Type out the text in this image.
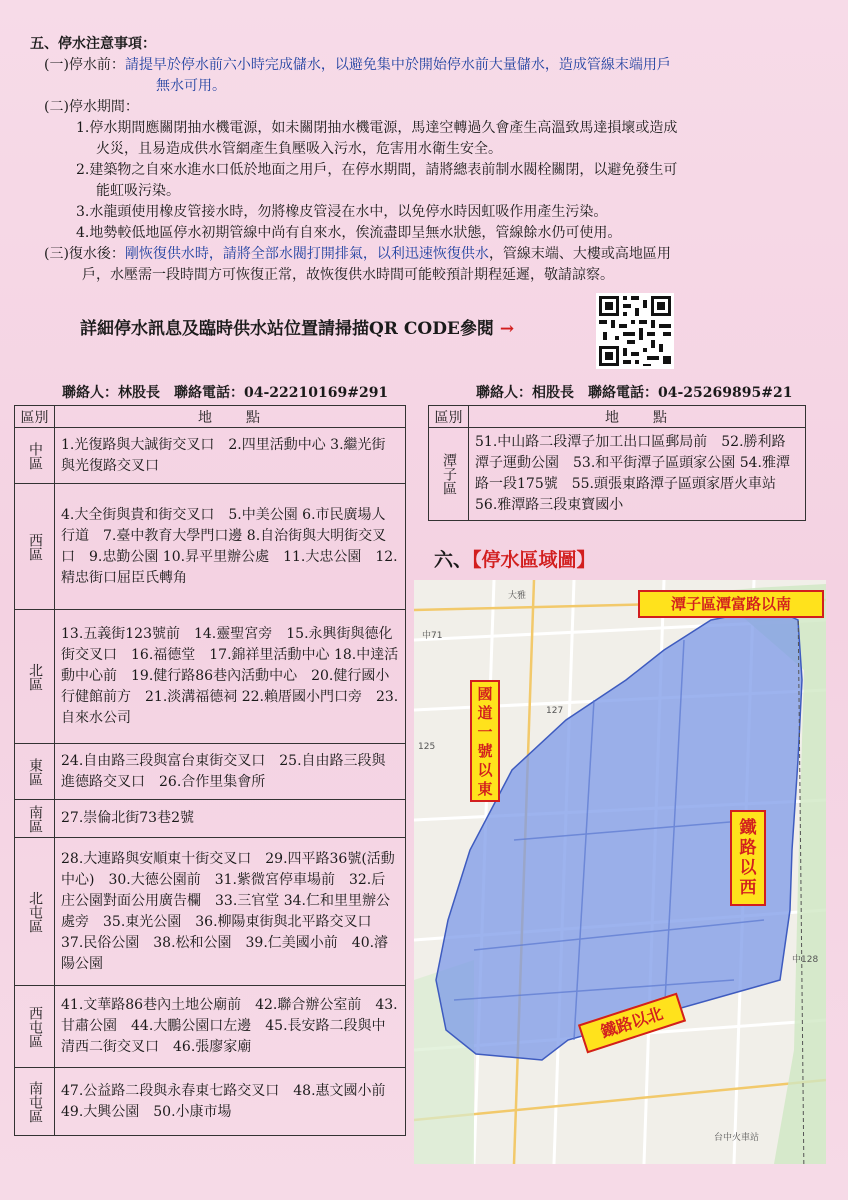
五、停水注意事項：
(一)停水前：請提早於停水前六小時完成儲水，以避免集中於開始停水前大量儲水，造成管線末端用戶
無水可用。
(二)停水期間：
1.停水期間應關閉抽水機電源，如未關閉抽水機電源，馬達空轉過久會產生高溫致馬達損壞或造成
火災，且易造成供水管網產生負壓吸入污水，危害用水衛生安全。
2.建築物之自來水進水口低於地面之用戶，在停水期間，請將總表前制水閥栓關閉，以避免發生可
能虹吸污染。
3.水龍頭使用橡皮管接水時，勿將橡皮管浸在水中，以免停水時因虹吸作用產生污染。
4.地勢較低地區停水初期管線中尚有自來水，俟流盡即呈無水狀態，管線餘水仍可使用。
(三)復水後：剛恢復供水時，請將全部水閥打開排氣，以利迅速恢復供水，管線末端、大樓或高地區用
戶，水壓需一段時間方可恢復正常，故恢復供水時間可能較預計期程延遲，敬請諒察。
詳細停水訊息及臨時供水站位置請掃描QR CODE參閱 →
聯絡人：林股長　聯絡電話：04-22210169#291	聯絡人：相股長　聯絡電話：04-25269895#21
區別	地　　點
中區	1.光復路與大誠街交叉口　2.四里活動中心 3.繼光街與光復路交叉口
西區	4.大全街與貴和街交叉口　5.中美公園 6.市民廣場人行道　7.臺中教育大學門口邊 8.自治街與大明街交叉口　9.忠勤公園 10.昇平里辦公處　11.大忠公園　12.精忠街口屈臣氏轉角
北區	13.五義街123號前　14.靈聖宮旁　15.永興街與德化街交叉口　16.福德堂　17.錦祥里活動中心 18.中達活動中心前　19.健行路86巷內活動中心　20.健行國小行健館前方　21.淡溝福德祠 22.賴厝國小門口旁　23.自來水公司
東區	24.自由路三段與富台東街交叉口　25.自由路三段與進德路交叉口　26.合作里集會所
南區	27.崇倫北街73巷2號
北屯區	28.大連路與安順東十街交叉口　29.四平路36號(活動中心)　30.大德公園前　31.紫微宮停車場前　32.后庄公園對面公用廣告欄　33.三官堂 34.仁和里里辦公處旁　35.東光公園　36.柳陽東街與北平路交叉口　37.民俗公園　38.松和公園　39.仁美國小前　40.濬陽公園
西屯區	41.文華路86巷內土地公廟前　42.聯合辦公室前　43.甘肅公園　44.大鵬公園口左邊　45.長安路二段與中清西二街交叉口　46.張廖家廟
南屯區	47.公益路二段與永春東七路交叉口　48.惠文國小前　49.大興公園　50.小康市場
區別	地　　點
潭子區	51.中山路二段潭子加工出口區郵局前　52.勝利路潭子運動公園　53.和平街潭子區頭家公園 54.雅潭路一段175號　55.頭張東路潭子區頭家厝火車站　56.雅潭路三段東寶國小
六、【停水區域圖】
大雅
中71
125
127
中128
台中火車站
潭子區潭富路以南
國道一號以東
鐵路以西
鐵路以北
